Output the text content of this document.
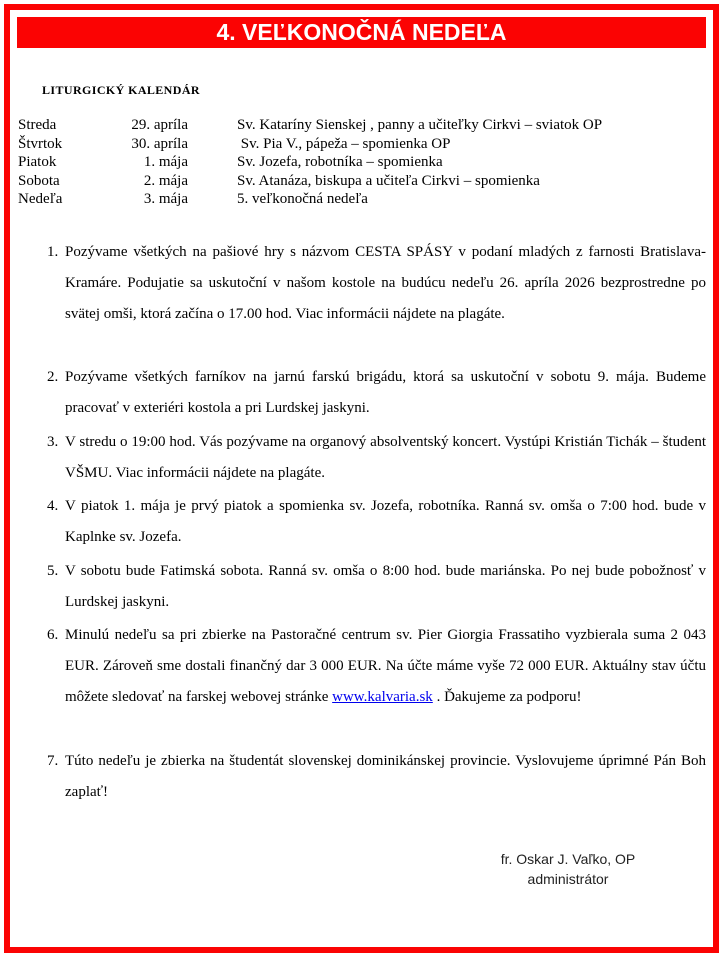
4. VEĽKONOČNÁ NEDEĽA
LITURGICKÝ KALENDÁR
Streda	29. apríla	Sv. Kataríny Sienskej , panny a učiteľky Cirkvi – sviatok OP
Štvrtok	30. apríla	Sv. Pia V., pápeža – spomienka OP
Piatok	1. mája	Sv. Jozefa, robotníka – spomienka
Sobota	2. mája	Sv. Atanáza, biskupa a učiteľa Cirkvi – spomienka
Nedeľa	3. mája	5. veľkonočná nedeľa
1. Pozývame všetkých na pašiové hry s názvom CESTA SPÁSY v podaní mladých z farnosti Bratislava-Kramáre. Podujatie sa uskutoční v našom kostole na budúcu nedeľu 26. apríla 2026 bezprostredne po svätej omši, ktorá začína o 17.00 hod. Viac informácii nájdete na plagáte.
2. Pozývame všetkých farníkov na jarnú farskú brigádu, ktorá sa uskutoční v sobotu 9. mája. Budeme pracovať v exteriéri kostola a pri Lurdskej jaskyni.
3. V stredu o 19:00 hod. Vás pozývame na organový absolventský koncert. Vystúpi Kristián Tichák – študent VŠMU. Viac informácii nájdete na plagáte.
4. V piatok 1. mája je prvý piatok a spomienka sv. Jozefa, robotníka. Ranná sv. omša o 7:00 hod. bude v Kaplnke sv. Jozefa.
5. V sobotu bude Fatimská sobota. Ranná sv. omša o 8:00 hod. bude mariánska. Po nej bude pobožnosť v Lurdskej jaskyni.
6. Minulú nedeľu sa pri zbierke na Pastoračné centrum sv. Pier Giorgia Frassatiho vyzbierala suma 2 043 EUR. Zároveň sme dostali finančný dar 3 000 EUR. Na účte máme vyše 72 000 EUR. Aktuálny stav účtu môžete sledovať na farskej webovej stránke www.kalvaria.sk . Ďakujeme za podporu!
7. Túto nedeľu je zbierka na študentát slovenskej dominikánskej provincie. Vyslovujeme úprimné Pán Boh zaplať!
fr. Oskar J. Vaľko, OP
administrátor
